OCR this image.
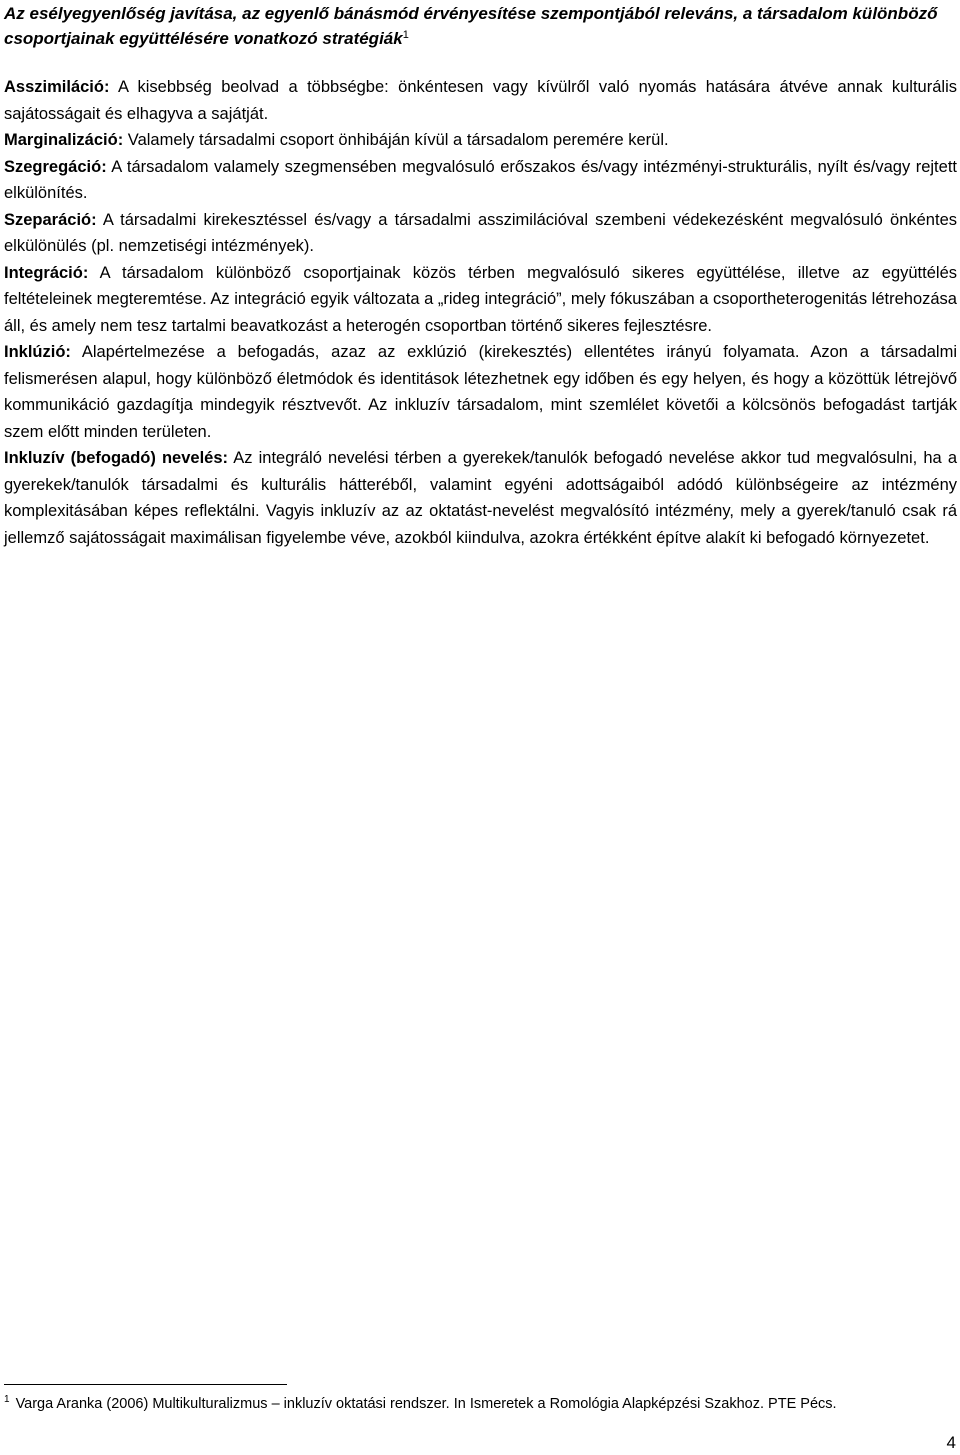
Az esélyegyenlőség javítása, az egyenlő bánásmód érvényesítése szempontjából releváns, a társadalom különböző csoportjainak együttélésére vonatkozó stratégiák$^1$

Asszimiláció: A kisebbség beolvad a többségbe: önkéntesen vagy kívülről való nyomás hatására átvéve annak kulturális sajátosságait és elhagyva a sajátját.

Marginalizáció: Valamely társadalmi csoport önhibáján kívül a társadalom peremére kerül.

Szegregáció: A társadalom valamely szegmensében megvalósuló erőszakos és/vagy intézményi-strukturális, nyílt és/vagy rejtett elkülönítés.

Szeparáció: A társadalmi kirekesztéssel és/vagy a társadalmi asszimilációval szembeni védekezésként megvalósuló önkéntes elkülönülés (pl. nemzetiségi intézmények).

Integráció: A társadalom különböző csoportjainak közös térben megvalósuló sikeres együttélése, illetve az együttélés feltételeinek megteremtése. Az integráció egyik változata a „rideg integráció”, mely fókuszában a csoportheterogenitás létrehozása áll, és amely nem tesz tartalmi beavatkozást a heterogén csoportban történő sikeres fejlesztésre.

Inklúzió: Alapértelmezése a befogadás, azaz az exklúzió (kirekesztés) ellentétes irányú folyamata. Azon a társadalmi felismerésen alapul, hogy különböző életmódok és identitások létezhetnek egy időben és egy helyen, és hogy a közöttük létrejövő kommunikáció gazdagítja mindegyik résztvevőt. Az inkluzív társadalom, mint szemlélet követői a kölcsönös befogadást tartják szem előtt minden területen.

Inkluzív (befogadó) nevelés: Az integráló nevelési térben a gyerekek/tanulók befogadó nevelése akkor tud megvalósulni, ha a gyerekek/tanulók társadalmi és kulturális hátteréből, valamint egyéni adottságaiból adódó különbségeire az intézmény komplexitásában képes reflektálni. Vagyis inkluzív az az oktatást-nevelést megvalósító intézmény, mely a gyerek/tanuló csak rá jellemző sajátosságait maximálisan figyelembe véve, azokból kiindulva, azokra értékként építve alakít ki befogadó környezetet.

$^1$ Varga Aranka (2006) Multikulturalizmus – inkluzív oktatási rendszer. In Ismeretek a Romológia Alapképzési Szakhoz. PTE Pécs.

4
